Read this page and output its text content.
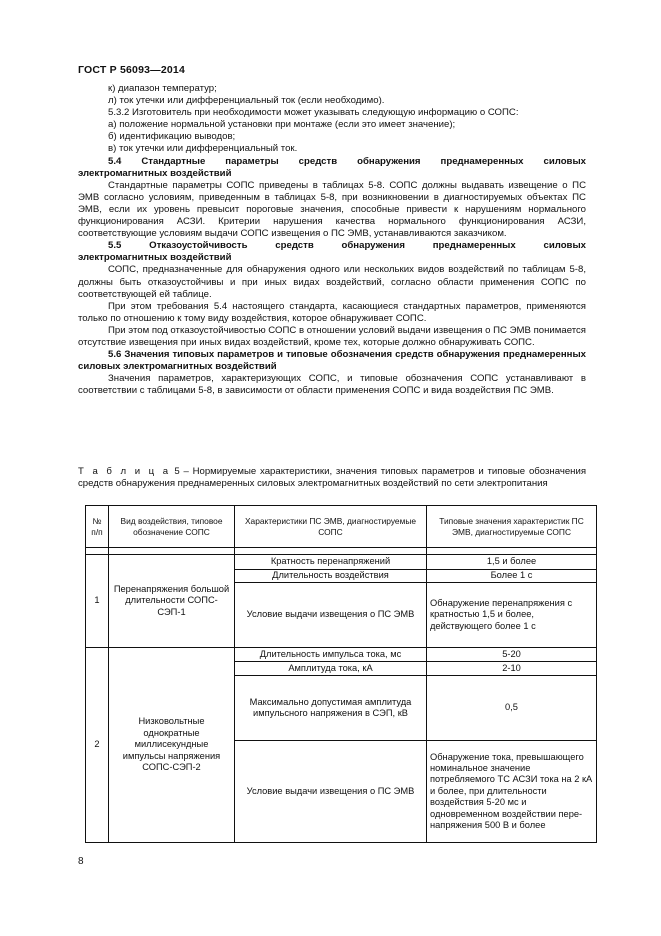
ГОСТ Р 56093—2014

к) диапазон температур;

л) ток утечки или дифференциальный ток (если необходимо).

5.3.2 Изготовитель при необходимости может указывать следующую информацию о СОПС:

а) положение нормальной установки при монтаже (если это имеет значение);

б) идентификацию выводов;

в) ток утечки или дифференциальный ток.

5.4 Стандартные параметры средств обнаружения преднамеренных силовых

электромагнитных воздействий

Стандартные параметры СОПС приведены в таблицах 5-8. СОПС должны выдавать извещение о ПС ЭМВ согласно условиям, приведенным в таблицах 5-8, при возникновении в диагностируемых объектах ПС ЭМВ, если их уровень превысит пороговые значения, способные привести к нарушениям нормального функционирования АСЗИ. Критерии нарушения качества нормального функционирования АСЗИ, соответствующие условиям выдачи СОПС извещения о ПС ЭМВ, устанавливаются заказчиком.

5.5 Отказоустойчивость средств обнаружения преднамеренных силовых

электромагнитных воздействий

СОПС, предназначенные для обнаружения одного или нескольких видов воздействий по таблицам 5-8, должны быть отказоустойчивы и при иных видах воздействий, согласно области применения СОПС по соответствующей ей таблице.

При этом требования 5.4 настоящего стандарта, касающиеся стандартных параметров, применяются только по отношению к тому виду воздействия, которое обнаруживает СОПС.

При этом под отказоустойчивостью СОПС в отношении условий выдачи извещения о ПС ЭМВ понимается отсутствие извещения при иных видах воздействий, кроме тех, которые должно обнаруживать СОПС.

5.6 Значения типовых параметров и типовые обозначения средств обнаружения преднамеренных силовых электромагнитных воздействий

Значения параметров, характеризующих СОПС, и типовые обозначения СОПС устанавливают в соответствии с таблицами 5-8, в зависимости от области применения СОПС и вида воздействия ПС ЭМВ.

Т а б л и ц а 5 – Нормируемые характеристики, значения типовых параметров и типовые обозначения средств обнаружения преднамеренных силовых электромагнитных воздействий по сети электропитания
№ п/п	Вид воздействия, типовое обозначение СОПС	Характеристики ПС ЭМВ, диагностируемые СОПС	Типовые значения характеристик ПС ЭМВ, диагностируемые СОПС

1	Перенапряжения большой длительности СОПС-СЭП-1	Кратность перенапряжений	1,5 и более
		Длительность воздействия	Более 1 с
		Условие выдачи извещения о ПС ЭМВ	Обнаружение перенапряжения с кратностью 1,5 и более, действующего более 1 с
2	Низковольтные однократные миллисекундные импульсы напряжения СОПС-СЭП-2	Длительность импульса тока, мс	5-20
		Амплитуда тока, кА	2-10
		Максимально допустимая амплитуда импульсного напряжения в СЭП, кВ	0,5
		Условие выдачи извещения о ПС ЭМВ	Обнаружение тока, превышающего номинальное значение потребляемого ТС АСЗИ тока на 2 кА и более, при длительности воздействия 5-20 мс и одновременном воздействии пере-напряжения 500 В и более
8
